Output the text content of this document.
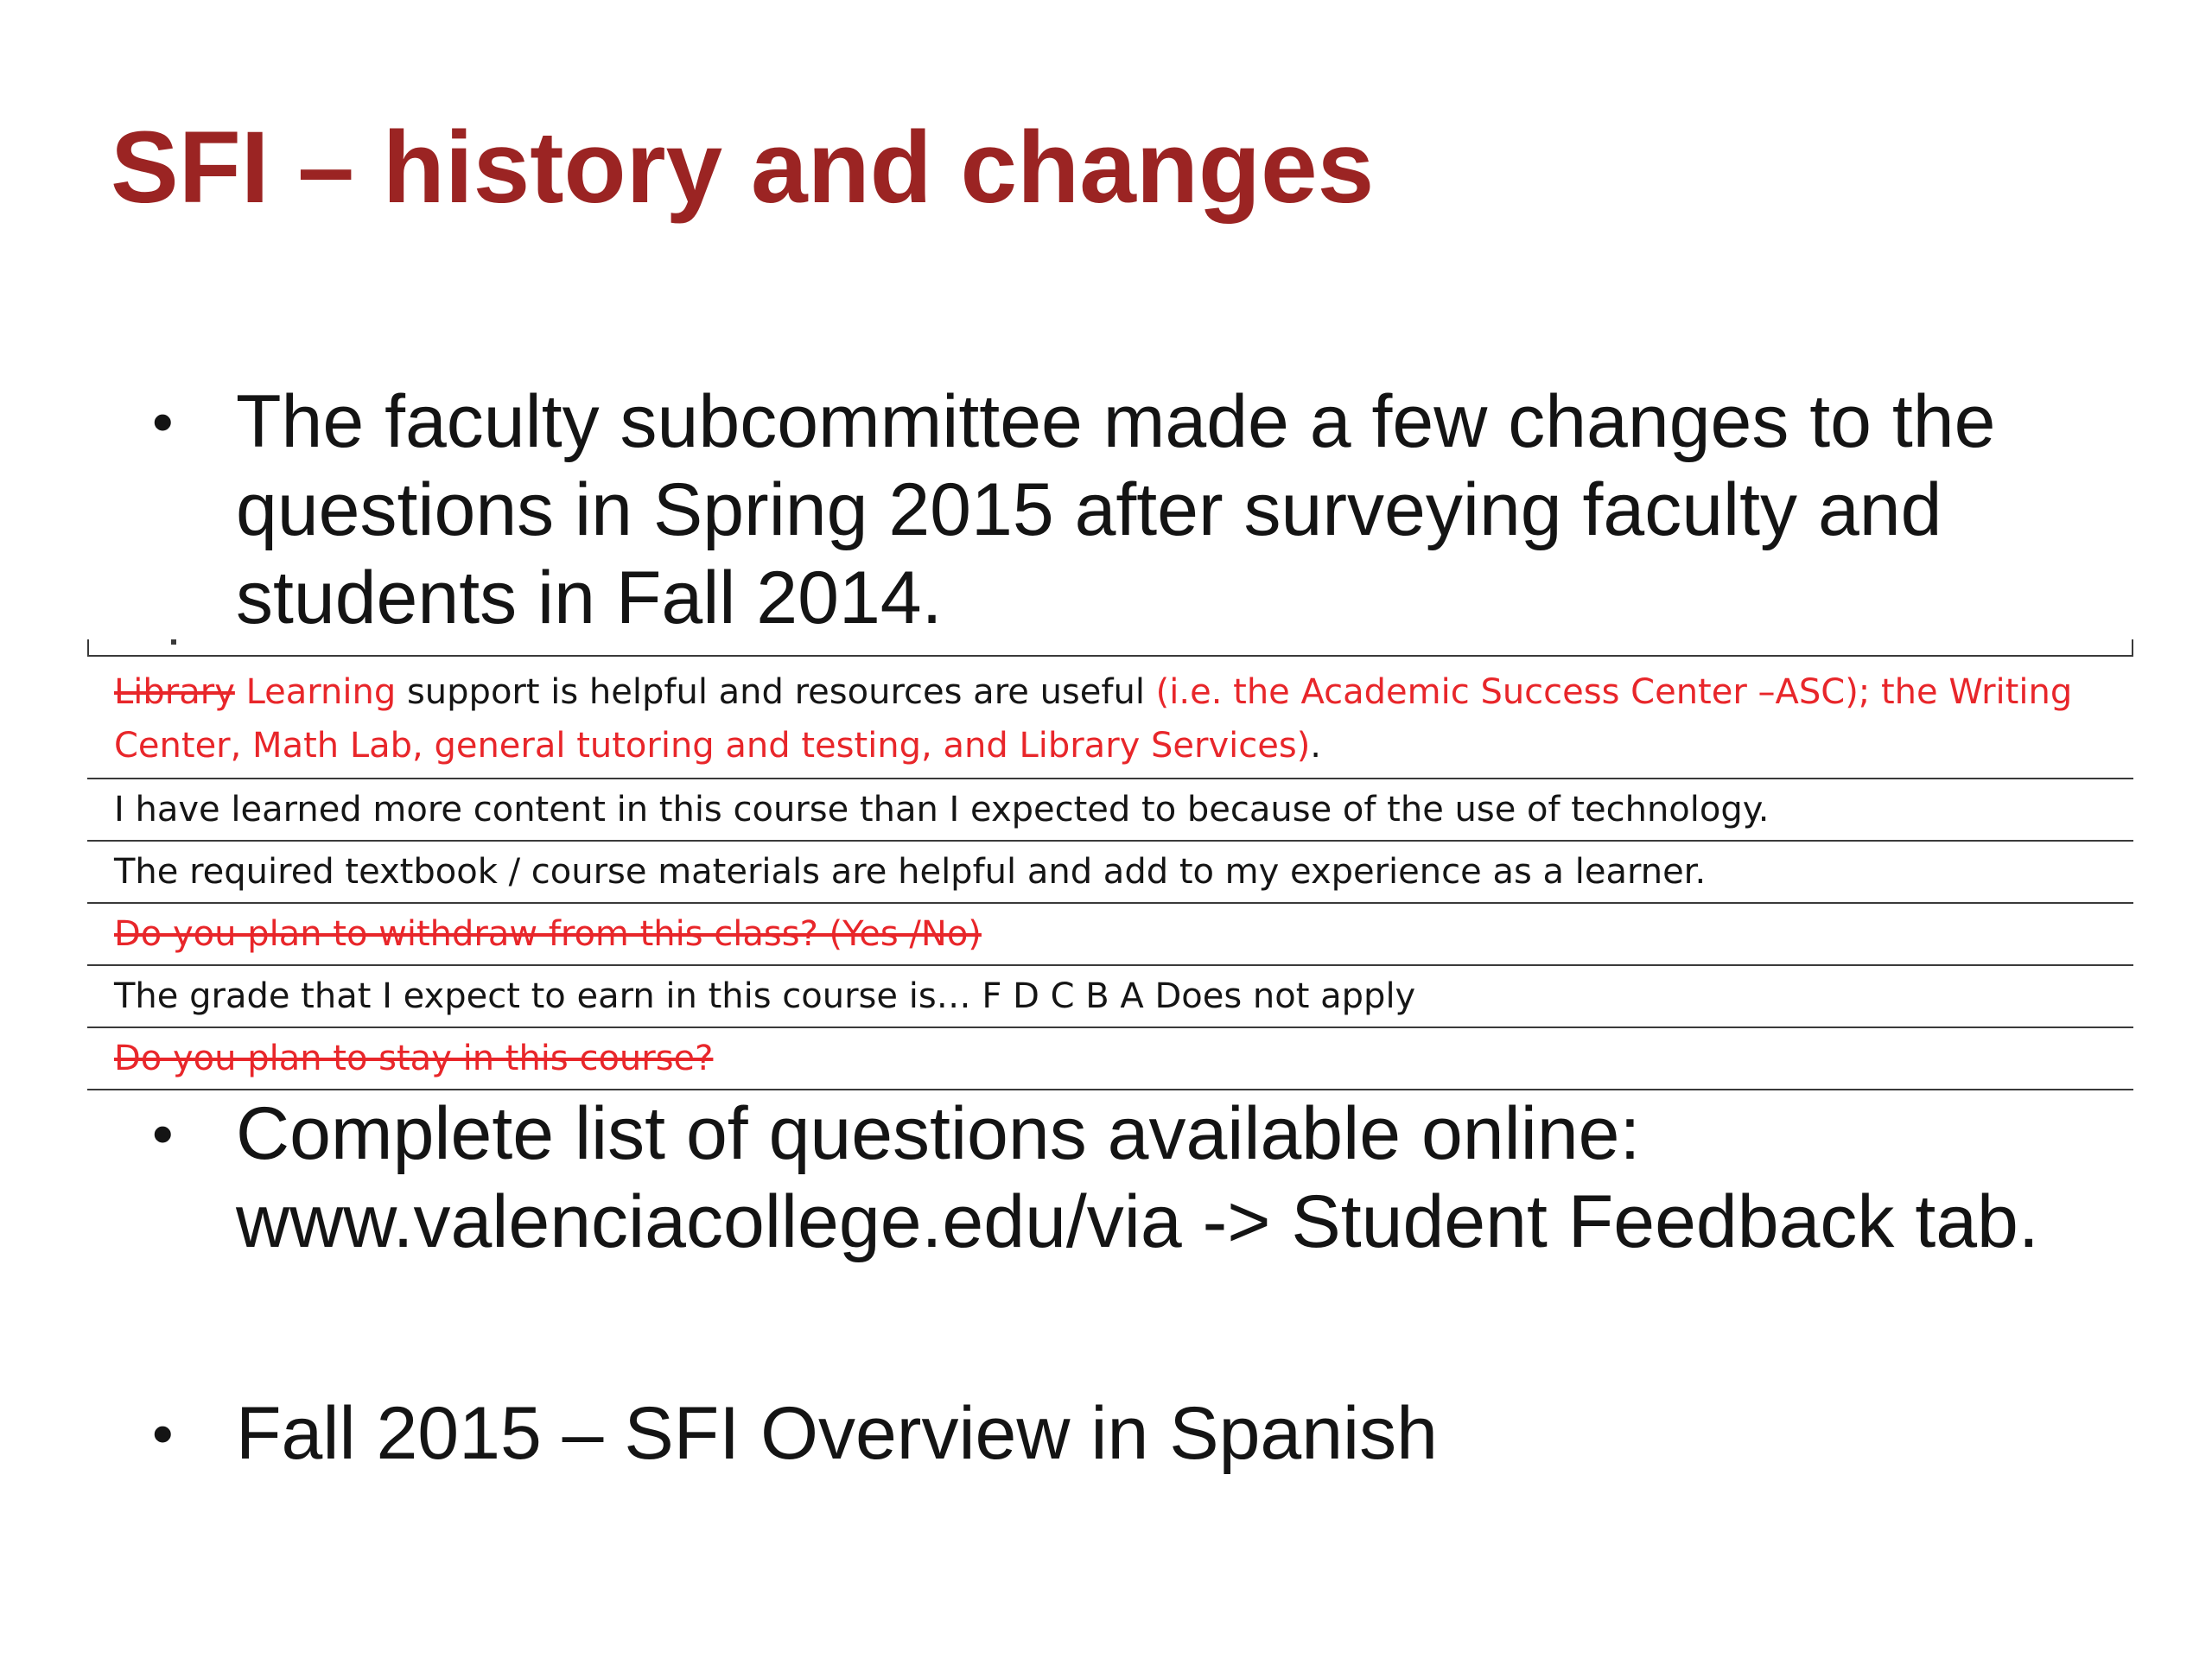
SFI – history and changes
• The faculty subcommittee made a few changes to the
questions in Spring 2015 after surveying faculty and
students in Fall 2014.
Library Learning support is helpful and resources are useful (i.e. the Academic Success Center –ASC); the Writing
Center, Math Lab, general tutoring and testing, and Library Services).
I have learned more content in this course than I expected to because of the use of technology.
The required textbook / course materials are helpful and add to my experience as a learner.
Do you plan to withdraw from this class? (Yes /No)
The grade that I expect to earn in this course is… F D C B A Does not apply
Do you plan to stay in this course?
• Complete list of questions available online:
www.valenciacollege.edu/via -> Student Feedback tab.
• Fall 2015 – SFI Overview in Spanish
